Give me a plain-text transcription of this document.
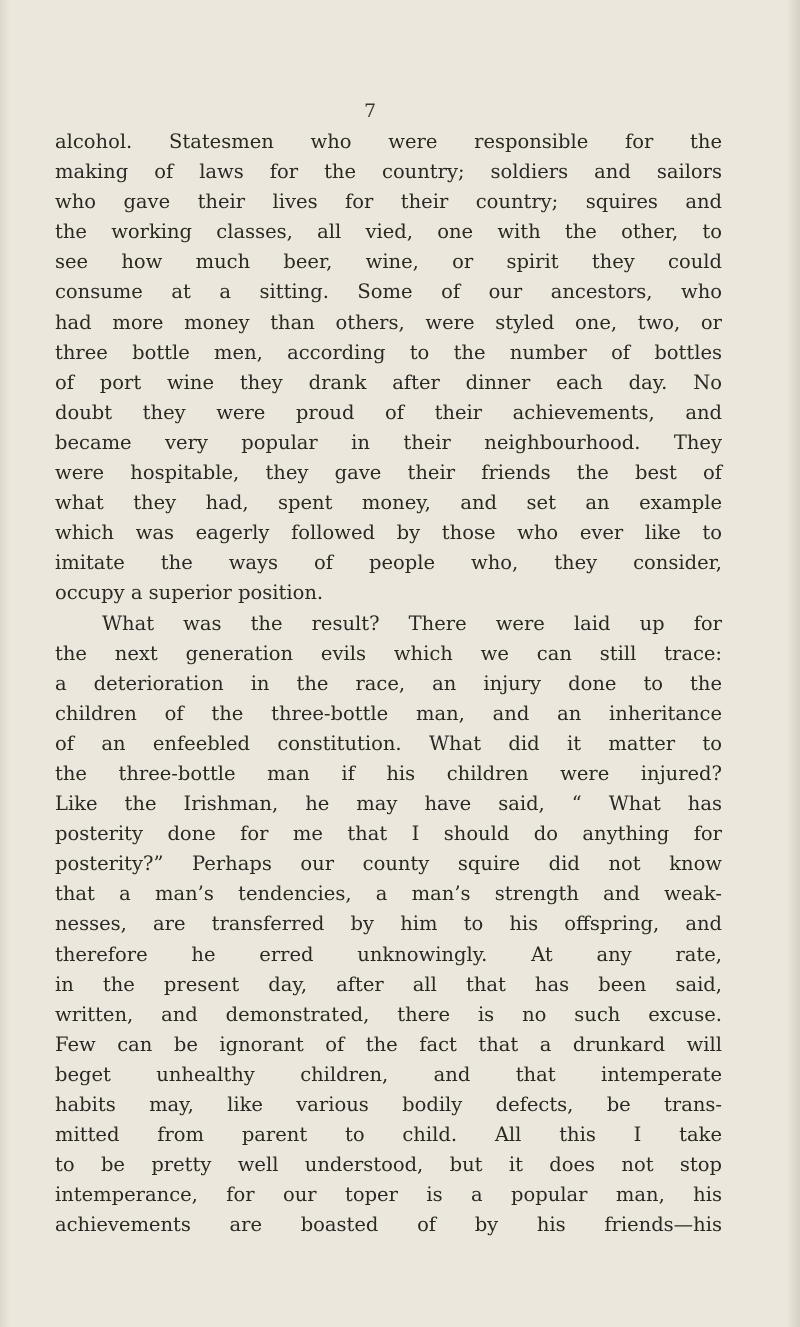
7
alcohol. Statesmen who were responsible for the
making of laws for the country; soldiers and sailors
who gave their lives for their country; squires and
the working classes, all vied, one with the other, to
see how much beer, wine, or spirit they could
consume at a sitting. Some of our ancestors, who
had more money than others, were styled one, two, or
three bottle men, according to the number of bottles
of port wine they drank after dinner each day. No
doubt they were proud of their achievements, and
became very popular in their neighbourhood. They
were hospitable, they gave their friends the best of
what they had, spent money, and set an example
which was eagerly followed by those who ever like to
imitate the ways of people who, they consider,
occupy a superior position.
What was the result? There were laid up for
the next generation evils which we can still trace:
a deterioration in the race, an injury done to the
children of the three-bottle man, and an inheritance
of an enfeebled constitution. What did it matter to
the three-bottle man if his children were injured?
Like the Irishman, he may have said, “ What has
posterity done for me that I should do anything for
posterity?” Perhaps our county squire did not know
that a man’s tendencies, a man’s strength and weak-
nesses, are transferred by him to his offspring, and
therefore he erred unknowingly. At any rate,
in the present day, after all that has been said,
written, and demonstrated, there is no such excuse.
Few can be ignorant of the fact that a drunkard will
beget unhealthy children, and that intemperate
habits may, like various bodily defects, be trans-
mitted from parent to child. All this I take
to be pretty well understood, but it does not stop
intemperance, for our toper is a popular man, his
achievements are boasted of by his friends—his
